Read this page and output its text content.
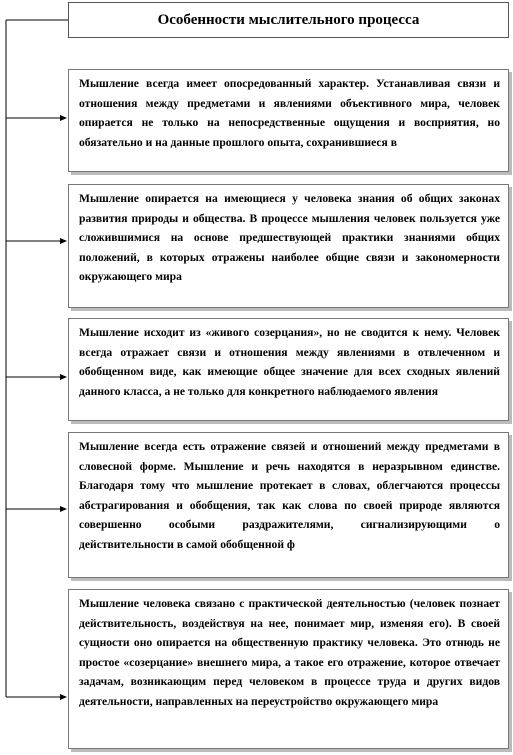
Особенности мыслительного процесса
Мышление всегда имеет опосредованный характер. Устанавливая связи и отношения между предметами и явлениями объективного мира, человек опирается не только на непосредственные ощущения и восприятия, но обязательно и на данные прошлого опыта, сохранившиеся в
Мышление опирается на имеющиеся у человека знания об общих законах развития природы и общества. В процессе мышления человек пользуется уже сложившимися на основе предшествующей практики знаниями общих положений, в которых отражены наиболее общие связи и закономерности окружающего мира
Мышление исходит из «живого созерцания», но не сводится к нему. Человек всегда отражает связи и отношения между явлениями в отвлеченном и обобщенном виде, как имеющие общее значение для всех сходных явлений данного класса, а не только для конкретного наблюдаемого явления
Мышление всегда есть отражение связей и отношений между предметами в словесной форме. Мышление и речь находятся в неразрывном единстве. Благодаря тому что мышление протекает в словах, облегчаются процессы абстрагирования и обобщения, так как слова по своей природе являются совершенно особыми раздражителями, сигнализирующими о действительности в самой обобщенной ф
Мышление человека связано с практической деятельностью (человек познает действительность, воздействуя на нее, понимает мир, изменяя его). В своей сущности оно опирается на общественную практику человека. Это отнюдь не простое «созерцание» внешнего мира, а такое его отражение, которое отвечает задачам, возникающим перед человеком в процессе труда и других видов деятельности, направленных на переустройство окружающего мира
